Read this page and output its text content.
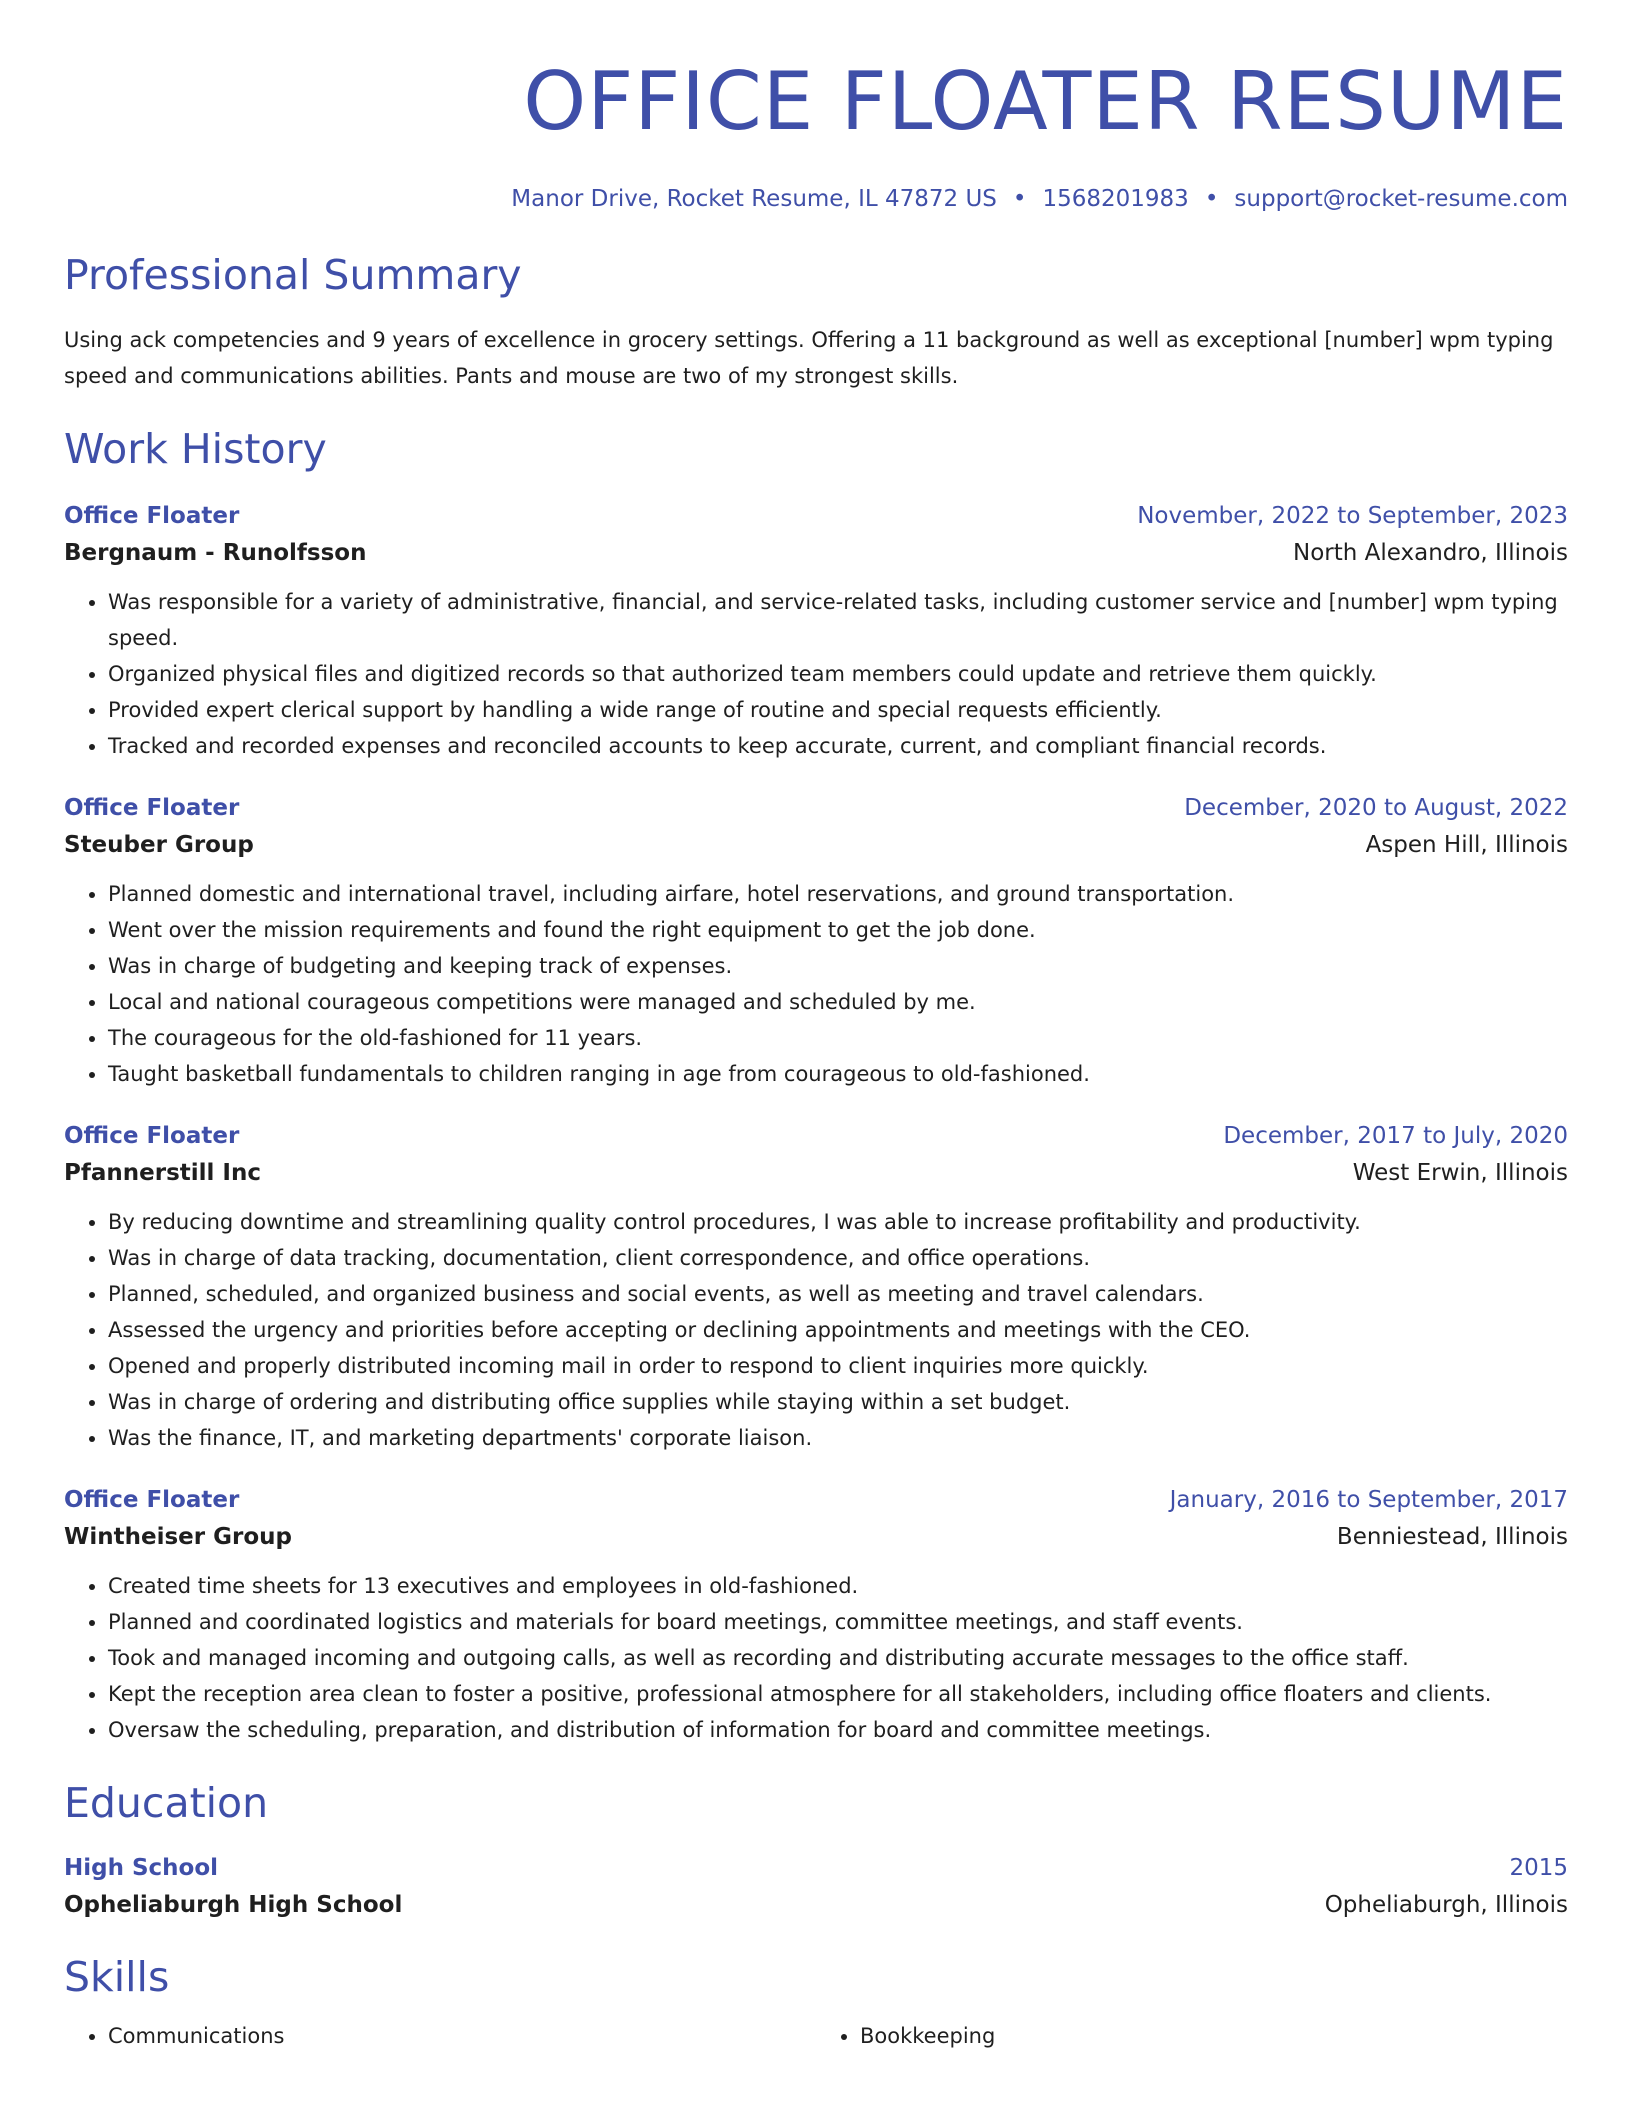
OFFICE FLOATER RESUME
Manor Drive, Rocket Resume, IL 47872 US • 1568201983 • support@rocket-resume.com
Professional Summary

Using ack competencies and 9 years of excellence in grocery settings. Offering a 11 background as well as exceptional [number] wpm typing speed and communications abilities. Pants and mouse are two of my strongest skills.

Work History
Office Floater	November, 2022 to September, 2023
Bergnaum - Runolfsson	North Alexandro, Illinois
• Was responsible for a variety of administrative, financial, and service-related tasks, including customer service and [number] wpm typing speed.
• Organized physical files and digitized records so that authorized team members could update and retrieve them quickly.
• Provided expert clerical support by handling a wide range of routine and special requests efficiently.
• Tracked and recorded expenses and reconciled accounts to keep accurate, current, and compliant financial records.
Office Floater	December, 2020 to August, 2022
Steuber Group	Aspen Hill, Illinois
• Planned domestic and international travel, including airfare, hotel reservations, and ground transportation.
• Went over the mission requirements and found the right equipment to get the job done.
• Was in charge of budgeting and keeping track of expenses.
• Local and national courageous competitions were managed and scheduled by me.
• The courageous for the old-fashioned for 11 years.
• Taught basketball fundamentals to children ranging in age from courageous to old-fashioned.
Office Floater	December, 2017 to July, 2020
Pfannerstill Inc	West Erwin, Illinois
• By reducing downtime and streamlining quality control procedures, I was able to increase profitability and productivity.
• Was in charge of data tracking, documentation, client correspondence, and office operations.
• Planned, scheduled, and organized business and social events, as well as meeting and travel calendars.
• Assessed the urgency and priorities before accepting or declining appointments and meetings with the CEO.
• Opened and properly distributed incoming mail in order to respond to client inquiries more quickly.
• Was in charge of ordering and distributing office supplies while staying within a set budget.
• Was the finance, IT, and marketing departments' corporate liaison.
Office Floater	January, 2016 to September, 2017
Wintheiser Group	Benniestead, Illinois
• Created time sheets for 13 executives and employees in old-fashioned.
• Planned and coordinated logistics and materials for board meetings, committee meetings, and staff events.
• Took and managed incoming and outgoing calls, as well as recording and distributing accurate messages to the office staff.
• Kept the reception area clean to foster a positive, professional atmosphere for all stakeholders, including office floaters and clients.
• Oversaw the scheduling, preparation, and distribution of information for board and committee meetings.
Education
High School	2015
Opheliaburgh High School	Opheliaburgh, Illinois
Skills
• Communications
•	Bookkeeping
